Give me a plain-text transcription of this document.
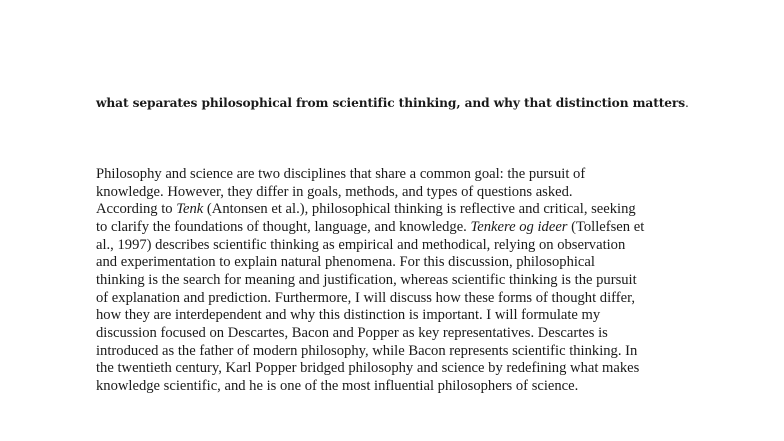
what separates philosophical from scientific thinking, and why that distinction matters.
Philosophy and science are two disciplines that share a common goal: the pursuit of
knowledge. However, they differ in goals, methods, and types of questions asked.
According to Tenk (Antonsen et al.), philosophical thinking is reflective and critical, seeking
to clarify the foundations of thought, language, and knowledge. Tenkere og ideer (Tollefsen et
al., 1997) describes scientific thinking as empirical and methodical, relying on observation
and experimentation to explain natural phenomena. For this discussion, philosophical
thinking is the search for meaning and justification, whereas scientific thinking is the pursuit
of explanation and prediction. Furthermore, I will discuss how these forms of thought differ,
how they are interdependent and why this distinction is important. I will formulate my
discussion focused on Descartes, Bacon and Popper as key representatives. Descartes is
introduced as the father of modern philosophy, while Bacon represents scientific thinking. In
the twentieth century, Karl Popper bridged philosophy and science by redefining what makes
knowledge scientific, and he is one of the most influential philosophers of science.
